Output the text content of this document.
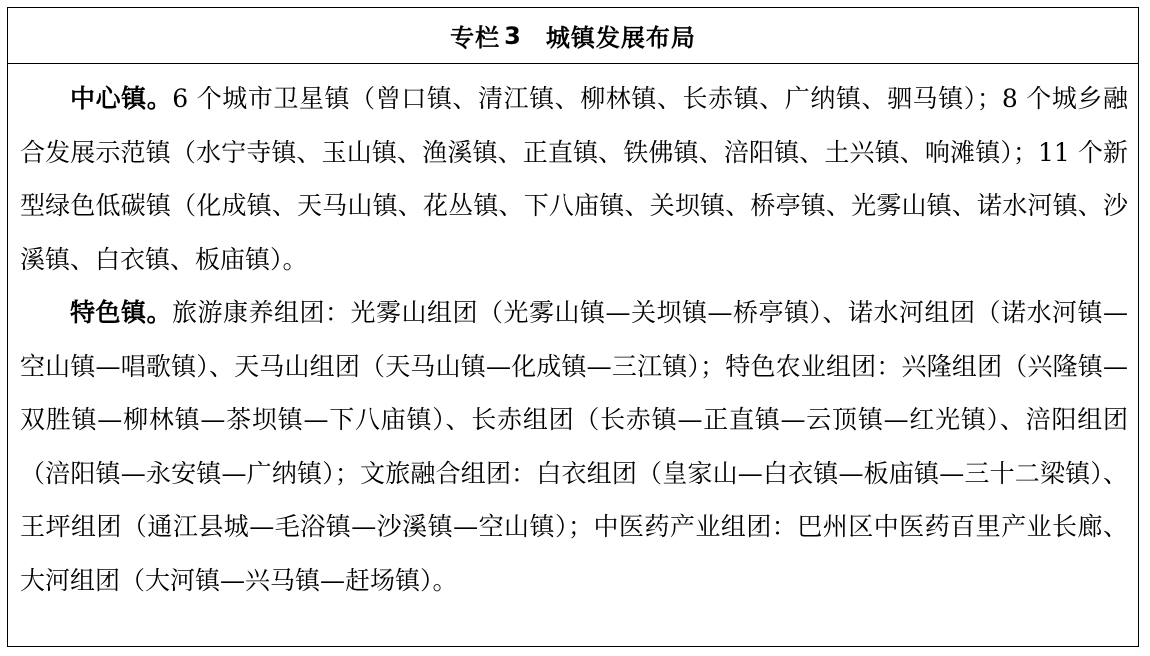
专栏 3 城镇发展布局

中心镇。6 个城市卫星镇（曾口镇、清江镇、柳林镇、长赤镇、广纳镇、驷马镇）；8 个城乡融合发展示范镇（水宁寺镇、玉山镇、渔溪镇、正直镇、铁佛镇、涪阳镇、土兴镇、响滩镇）；11 个新型绿色低碳镇（化成镇、天马山镇、花丛镇、下八庙镇、关坝镇、桥亭镇、光雾山镇、诺水河镇、沙溪镇、白衣镇、板庙镇）。

特色镇。旅游康养组团：光雾山组团（光雾山镇—关坝镇—桥亭镇）、诺水河组团（诺水河镇—空山镇—唱歌镇）、天马山组团（天马山镇—化成镇—三江镇）；特色农业组团：兴隆组团（兴隆镇—双胜镇—柳林镇—茶坝镇—下八庙镇）、长赤组团（长赤镇—正直镇—云顶镇—红光镇）、涪阳组团（涪阳镇—永安镇—广纳镇）；文旅融合组团：白衣组团（皇家山—白衣镇—板庙镇—三十二梁镇）、王坪组团（通江县城—毛浴镇—沙溪镇—空山镇）；中医药产业组团：巴州区中医药百里产业长廊、大河组团（大河镇—兴马镇—赶场镇）。
